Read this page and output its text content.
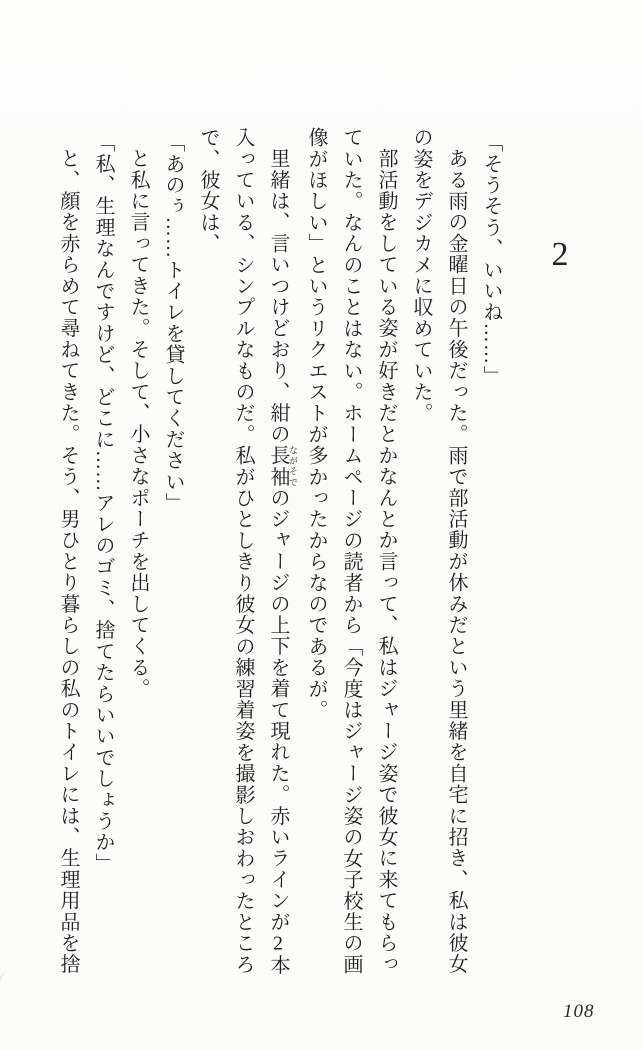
2
「そうそう、いいね……」
ある雨の金曜日の午後だった。雨で部活動が休みだという里緒を自宅に招き、私は彼女
の姿をデジカメに収めていた。
部活動をしている姿が好きだとかなんとか言って、私はジャージ姿で彼女に来てもらっ
ていた。なんのことはない。ホームページの読者から「今度はジャージ姿の女子校生の画
像がほしい」というリクエストが多かったからなのであるが。
里緒は、言いつけどおり、紺の長袖 ながそでのジャージの上下を着て現れた。赤いラインが2本
入っている、シンプルなものだ。私がひとしきり彼女の練習着姿を撮影しおわったところ
で、彼女は、
「あのぅ……トイレを貸してください」
と私に言ってきた。そして、小さなポーチを出してくる。
「私、生理なんですけど、どこに……アレのゴミ、捨てたらいいでしょうか」
と、顔を赤らめて尋ねてきた。そう、男ひとり暮らしの私のトイレには、生理用品を捨
108
